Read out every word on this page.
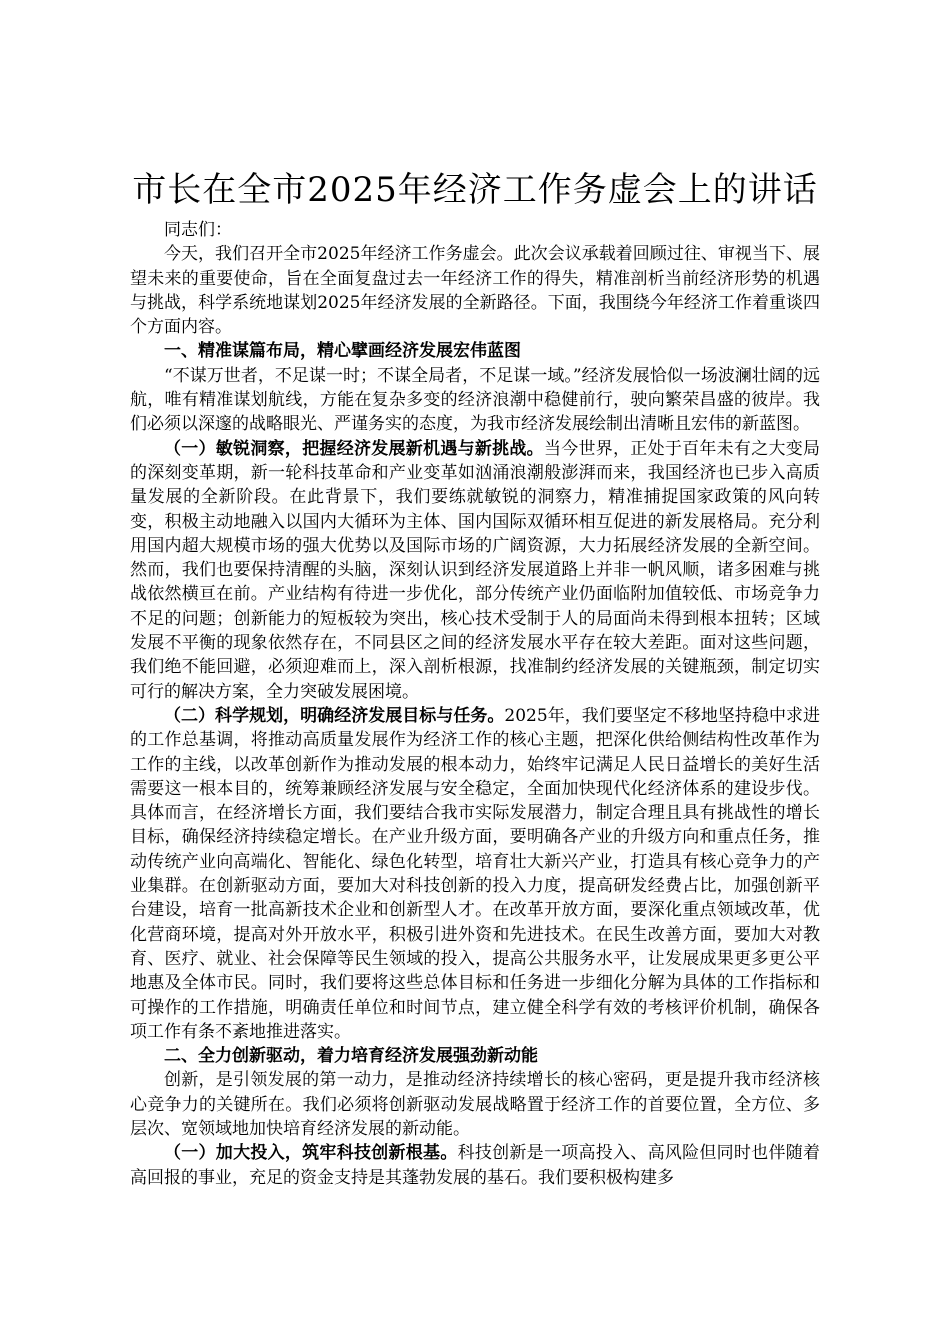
市长在全市2025年经济工作务虚会上的讲话

同志们：

今天，我们召开全市2025年经济工作务虚会。此次会议承载着回顾过往、审视当下、展望未来的重要使命，旨在全面复盘过去一年经济工作的得失，精准剖析当前经济形势的机遇与挑战，科学系统地谋划2025年经济发展的全新路径。下面，我围绕今年经济工作着重谈四个方面内容。

一、精准谋篇布局，精心擘画经济发展宏伟蓝图

“不谋万世者，不足谋一时；不谋全局者，不足谋一域。”经济发展恰似一场波澜壮阔的远航，唯有精准谋划航线，方能在复杂多变的经济浪潮中稳健前行，驶向繁荣昌盛的彼岸。我们必须以深邃的战略眼光、严谨务实的态度，为我市经济发展绘制出清晰且宏伟的新蓝图。

（一）敏锐洞察，把握经济发展新机遇与新挑战。当今世界，正处于百年未有之大变局的深刻变革期，新一轮科技革命和产业变革如汹涌浪潮般澎湃而来，我国经济也已步入高质量发展的全新阶段。在此背景下，我们要练就敏锐的洞察力，精准捕捉国家政策的风向转变，积极主动地融入以国内大循环为主体、国内国际双循环相互促进的新发展格局。充分利用国内超大规模市场的强大优势以及国际市场的广阔资源，大力拓展经济发展的全新空间。然而，我们也要保持清醒的头脑，深刻认识到经济发展道路上并非一帆风顺，诸多困难与挑战依然横亘在前。产业结构有待进一步优化，部分传统产业仍面临附加值较低、市场竞争力不足的问题；创新能力的短板较为突出，核心技术受制于人的局面尚未得到根本扭转；区域发展不平衡的现象依然存在，不同县区之间的经济发展水平存在较大差距。面对这些问题，我们绝不能回避，必须迎难而上，深入剖析根源，找准制约经济发展的关键瓶颈，制定切实可行的解决方案，全力突破发展困境。

（二）科学规划，明确经济发展目标与任务。2025年，我们要坚定不移地坚持稳中求进的工作总基调，将推动高质量发展作为经济工作的核心主题，把深化供给侧结构性改革作为工作的主线，以改革创新作为推动发展的根本动力，始终牢记满足人民日益增长的美好生活需要这一根本目的，统筹兼顾经济发展与安全稳定，全面加快现代化经济体系的建设步伐。具体而言，在经济增长方面，我们要结合我市实际发展潜力，制定合理且具有挑战性的增长目标，确保经济持续稳定增长。在产业升级方面，要明确各产业的升级方向和重点任务，推动传统产业向高端化、智能化、绿色化转型，培育壮大新兴产业，打造具有核心竞争力的产业集群。在创新驱动方面，要加大对科技创新的投入力度，提高研发经费占比，加强创新平台建设，培育一批高新技术企业和创新型人才。在改革开放方面，要深化重点领域改革，优化营商环境，提高对外开放水平，积极引进外资和先进技术。在民生改善方面，要加大对教育、医疗、就业、社会保障等民生领域的投入，提高公共服务水平，让发展成果更多更公平地惠及全体市民。同时，我们要将这些总体目标和任务进一步细化分解为具体的工作指标和可操作的工作措施，明确责任单位和时间节点，建立健全科学有效的考核评价机制，确保各项工作有条不紊地推进落实。

二、全力创新驱动，着力培育经济发展强劲新动能

创新，是引领发展的第一动力，是推动经济持续增长的核心密码，更是提升我市经济核心竞争力的关键所在。我们必须将创新驱动发展战略置于经济工作的首要位置，全方位、多层次、宽领域地加快培育经济发展的新动能。

（一）加大投入，筑牢科技创新根基。科技创新是一项高投入、高风险但同时也伴随着高回报的事业，充足的资金支持是其蓬勃发展的基石。我们要积极构建多
